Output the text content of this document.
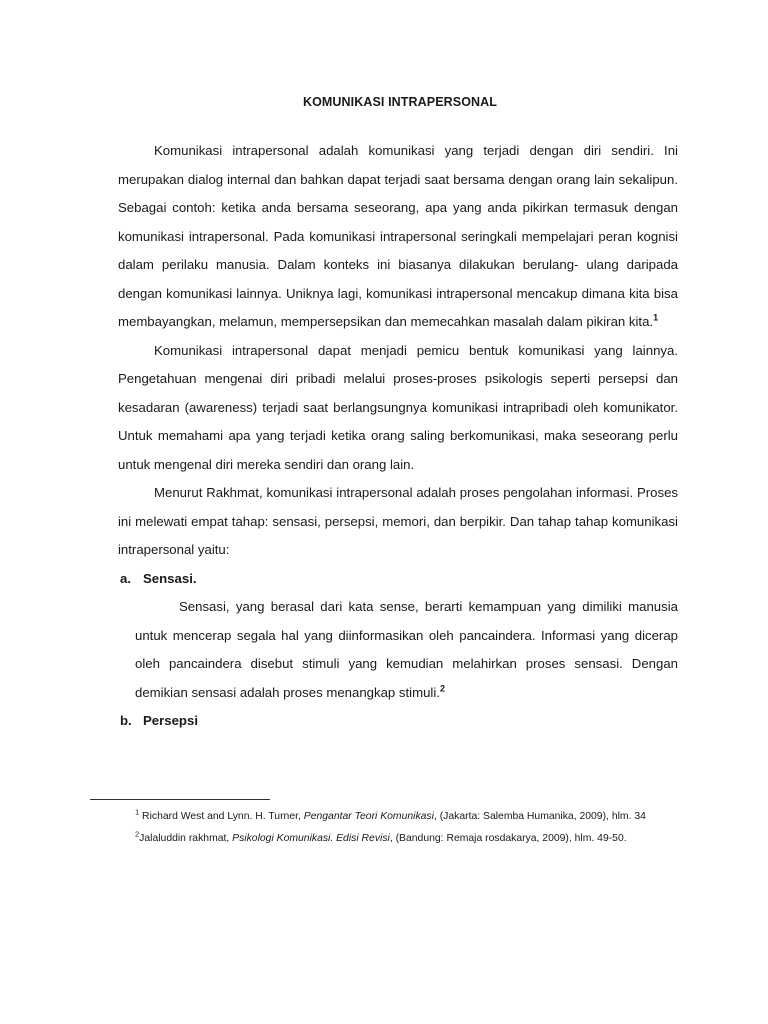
KOMUNIKASI INTRAPERSONAL

Komunikasi intrapersonal adalah komunikasi yang terjadi dengan diri sendiri. Ini merupakan dialog internal dan bahkan dapat terjadi saat bersama dengan orang lain sekalipun. Sebagai contoh: ketika anda bersama seseorang, apa yang anda pikirkan termasuk dengan komunikasi intrapersonal. Pada komunikasi intrapersonal seringkali mempelajari peran kognisi dalam perilaku manusia. Dalam konteks ini biasanya dilakukan berulang- ulang daripada dengan komunikasi lainnya. Uniknya lagi, komunikasi intrapersonal mencakup dimana kita bisa membayangkan, melamun, mempersepsikan dan memecahkan masalah dalam pikiran kita.$^1$

Komunikasi intrapersonal dapat menjadi pemicu bentuk komunikasi yang lainnya. Pengetahuan mengenai diri pribadi melalui proses-proses psikologis seperti persepsi dan kesadaran (awareness) terjadi saat berlangsungnya komunikasi intrapribadi oleh komunikator. Untuk memahami apa yang terjadi ketika orang saling berkomunikasi, maka seseorang perlu untuk mengenal diri mereka sendiri dan orang lain.

Menurut Rakhmat, komunikasi intrapersonal adalah proses pengolahan informasi. Proses ini melewati empat tahap: sensasi, persepsi, memori, dan berpikir. Dan tahap tahap komunikasi intrapersonal yaitu:

a. Sensasi.

Sensasi, yang berasal dari kata sense, berarti kemampuan yang dimiliki manusia untuk mencerap segala hal yang diinformasikan oleh pancaindera. Informasi yang dicerap oleh pancaindera disebut stimuli yang kemudian melahirkan proses sensasi. Dengan demikian sensasi adalah proses menangkap stimuli.$^2$

b. Persepsi

$^1$ Richard West and Lynn. H. Turner, Pengantar Teori Komunikasi, (Jakarta: Salemba Humanika, 2009), hlm. 34

$^2$Jalaluddin rakhmat, Psikologi Komunikasi. Edisi Revisi, (Bandung: Remaja rosdakarya, 2009), hlm. 49-50.
